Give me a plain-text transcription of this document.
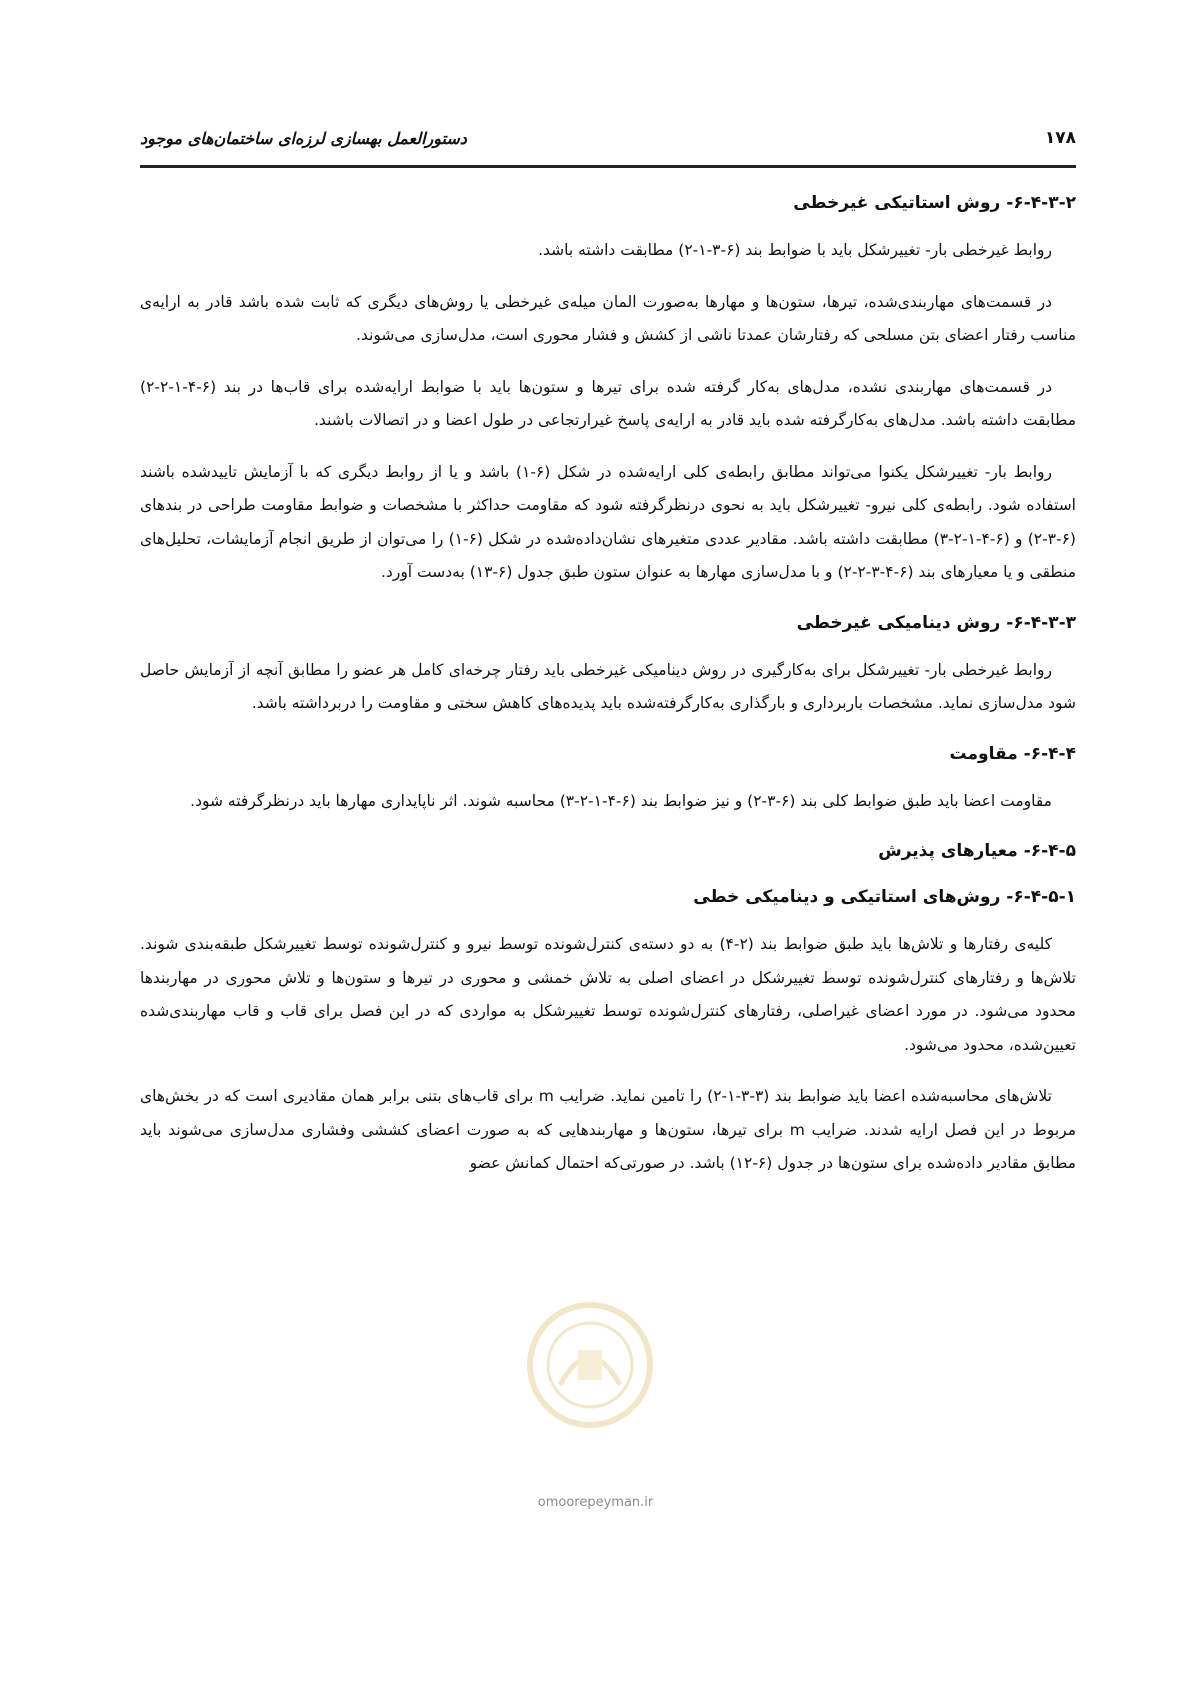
دستورالعمل بهسازی لرزه‌ای ساختمان‌های موجود	۱۷۸
۶-۴-۳-۲- روش استاتیکی غیرخطی

روابط غیرخطی بار- تغییرشکل باید با ضوابط بند (۶-۳-۱-۲) مطابقت داشته باشد.

در قسمت‌های مهاربندی‌شده، تیرها، ستون‌ها و مهارها به‌صورت المان میله‌ی غیرخطی یا روش‌های دیگری که ثابت شده باشد قادر به ارایه‌ی مناسب رفتار اعضای بتن مسلحی که رفتارشان عمدتا ناشی از کشش و فشار محوری است، مدل‌سازی می‌شوند.

در قسمت‌های مهاربندی نشده، مدل‌های به‌کار گرفته شده برای تیرها و ستون‌ها باید با ضوابط ارایه‌شده برای قاب‌ها در بند (۶-۴-۱-۲-۲) مطابقت داشته باشد. مدل‌های به‌کارگرفته شده باید قادر به ارایه‌ی پاسخ غیرارتجاعی در طول اعضا و در اتصالات باشند.

روابط بار- تغییرشکل یکنوا می‌تواند مطابق رابطه‌ی کلی ارایه‌شده در شکل (۶-۱) باشد و یا از روابط دیگری که با آزمایش تاییدشده باشند استفاده شود. رابطه‌ی کلی نیرو- تغییرشکل باید به نحوی درنظرگرفته شود که مقاومت حداکثر با مشخصات و ضوابط مقاومت طراحی در بندهای (۶-۳-۲) و (۶-۴-۱-۲-۳) مطابقت داشته باشد. مقادیر عددی متغیرهای نشان‌داده‌شده در شکل (۶-۱) را می‌توان از طریق انجام آزمایشات، تحلیل‌های منطقی و یا معیارهای بند (۶-۴-۳-۲-۲) و با مدل‌سازی مهارها به عنوان ستون طبق جدول (۶-۱۳) به‌دست آورد.

۶-۴-۳-۳- روش دینامیکی غیرخطی

روابط غیرخطی بار- تغییرشکل برای به‌کارگیری در روش دینامیکی غیرخطی باید رفتار چرخه‌ای کامل هر عضو را مطابق آنچه از آزمایش حاصل شود مدل‌سازی نماید. مشخصات باربرداری و بارگذاری به‌کارگرفته‌شده باید پدیده‌های کاهش سختی و مقاومت را دربرداشته باشد.

۶-۴-۴- مقاومت

مقاومت اعضا باید طبق ضوابط کلی بند (۶-۳-۲) و نیز ضوابط بند (۶-۴-۱-۲-۳) محاسبه شوند. اثر ناپایداری مهارها باید درنظرگرفته شود.

۶-۴-۵- معیارهای پذیرش
۶-۴-۵-۱- روش‌های استاتیکی و دینامیکی خطی

کلیه‌ی رفتارها و تلاش‌ها باید طبق ضوابط بند (۲-۴) به دو دسته‌ی کنترل‌شونده توسط نیرو و کنترل‌شونده توسط تغییرشکل طبقه‌بندی شوند. تلاش‌ها و رفتارهای کنترل‌شونده توسط تغییرشکل در اعضای اصلی به تلاش خمشی و محوری در تیرها و ستون‌ها و تلاش محوری در مهاربندها محدود می‌شود. در مورد اعضای غیراصلی، رفتارهای کنترل‌شونده توسط تغییرشکل به مواردی که در این فصل برای قاب و قاب مهاربندی‌شده تعیین‌شده، محدود می‌شود.

تلاش‌های محاسبه‌شده اعضا باید ضوابط بند (۳-۳-۱-۲) را تامین نماید. ضرایب m برای قاب‌های بتنی برابر همان مقادیری است که در بخش‌های مربوط در این فصل ارایه شدند. ضرایب m برای تیرها، ستون‌ها و مهاربندهایی که به صورت اعضای کششی وفشاری مدل‌سازی می‌شوند باید مطابق مقادیر داده‌شده برای ستون‌ها در جدول (۶-۱۲) باشد. در صورتی‌که احتمال کمانش عضو

omoorepeyman.ir
